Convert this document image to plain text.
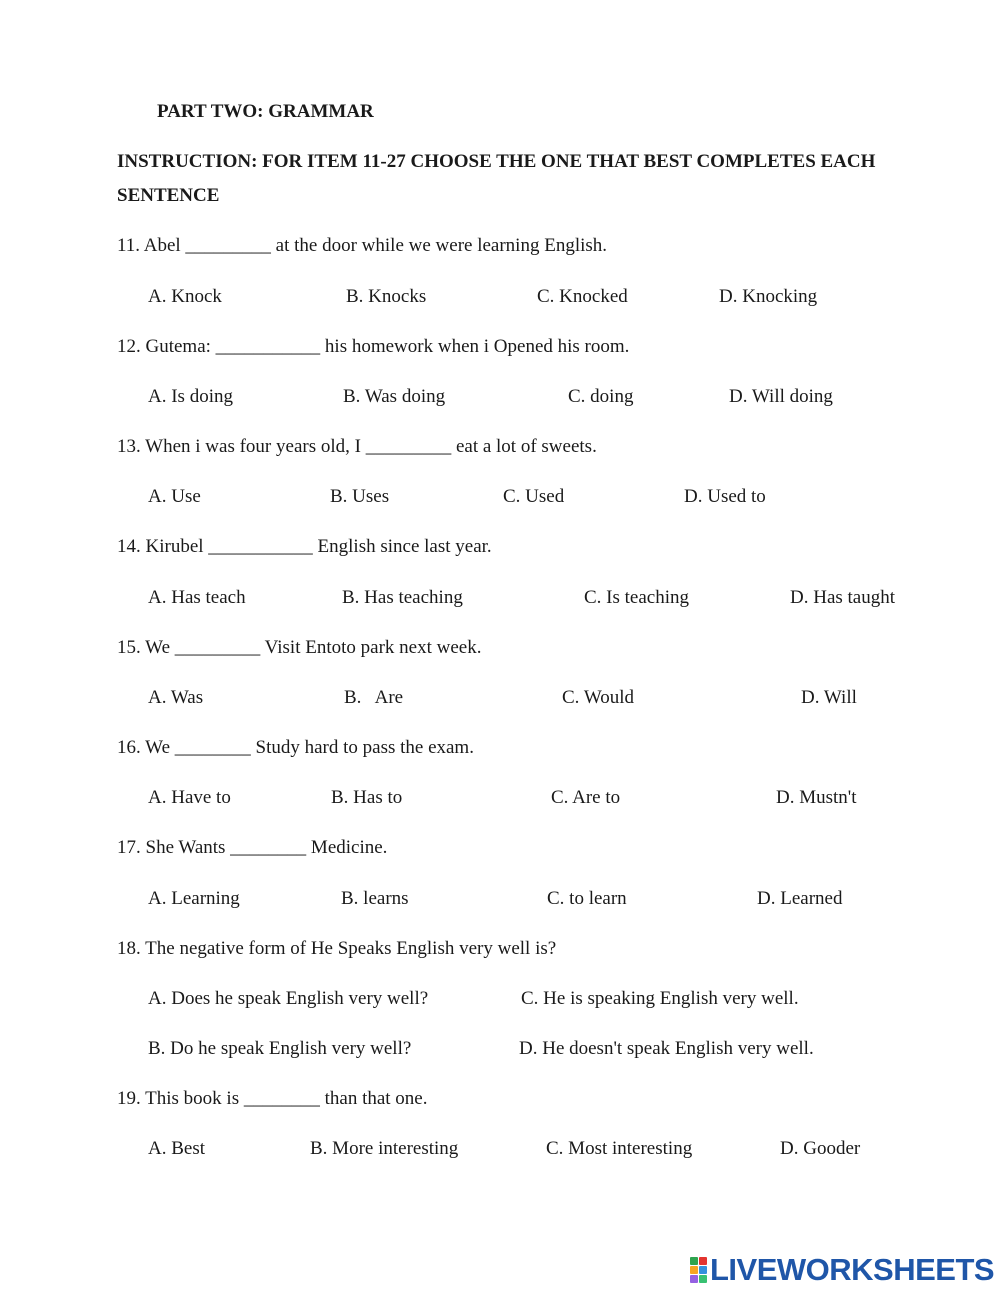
PART TWO: GRAMMAR
INSTRUCTION: FOR ITEM 11-27 CHOOSE THE ONE THAT BEST COMPLETES EACH
SENTENCE
11. Abel _________ at the door while we were learning English.
A. Knock	B. Knocks	C. Knocked	D. Knocking
12. Gutema: ___________ his homework when i Opened his room.
A. Is doing	B. Was doing	C. doing	D. Will doing
13. When i was four years old, I _________ eat a lot of sweets.
A. Use	B. Uses	C. Used	D. Used to
14. Kirubel ___________ English since last year.
A. Has teach	B. Has teaching	C. Is teaching	D. Has taught
15. We _________ Visit Entoto park next week.
A. Was	B.   Are	C. Would	D. Will
16. We ________ Study hard to pass the exam.
A. Have to	B. Has to	C. Are to	D. Mustn't
17. She Wants ________ Medicine.
A. Learning	B. learns	C. to learn	D. Learned
18. The negative form of He Speaks English very well is?
A. Does he speak English very well?	C. He is speaking English very well.
B. Do he speak English very well?	D. He doesn't speak English very well.
19. This book is ________ than that one.
A. Best	B. More interesting	C. Most interesting	D. Gooder
LIVEWORKSHEETS
